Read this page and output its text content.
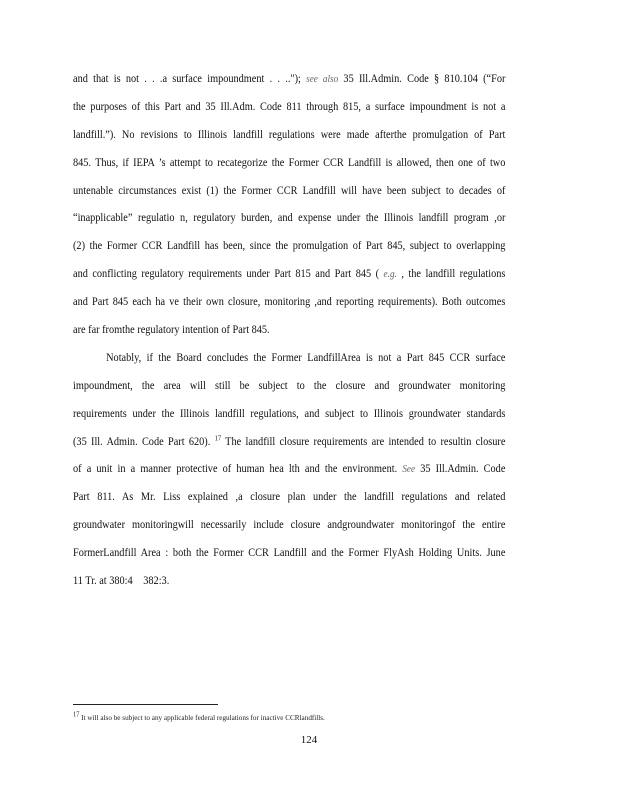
and that is not . . .a surface impoundment . . .."); see also 35 Ill.Admin. Code § 810.104 (“For
the purposes of this Part and 35 Ill.Adm. Code 811 through 815, a surface impoundment is not a
landfill.”). No revisions to Illinois landfill regulations were made afterthe promulgation of Part
845. Thus, if IEPA ’s attempt to recategorize the Former CCR Landfill is allowed, then one of two
untenable circumstances exist (1) the Former CCR Landfill will have been subject to decades of
“inapplicable” regulatio n, regulatory burden, and expense under the Illinois landfill program ,or
(2) the Former CCR Landfill has been, since the promulgation of Part 845, subject to overlapping
and conflicting regulatory requirements under Part 815 and Part 845 ( e.g. , the landfill regulations
and Part 845 each ha ve their own closure, monitoring ,and reporting requirements). Both outcomes
are far fromthe regulatory intention of Part 845.
Notably, if the Board concludes the Former LandfillArea is not a Part 845 CCR surface
impoundment, the area will still be subject to the closure and groundwater monitoring
requirements under the Illinois landfill regulations, and subject to Illinois groundwater standards
(35 Ill. Admin. Code Part 620). $^{17}$ The landfill closure requirements are intended to resultin closure
of a unit in a manner protective of human hea lth and the environment. See 35 Ill.Admin. Code
Part 811. As Mr. Liss explained ,a closure plan under the landfill regulations and related
groundwater monitoringwill necessarily include closure andgroundwater monitoringof the entire
FormerLandfill Area : both the Former CCR Landfill and the Former FlyAsh Holding Units. June
11 Tr. at 380:4  382:3.
17 It will also be subject to any applicable federal regulations for inactive CCRlandfills.
124
